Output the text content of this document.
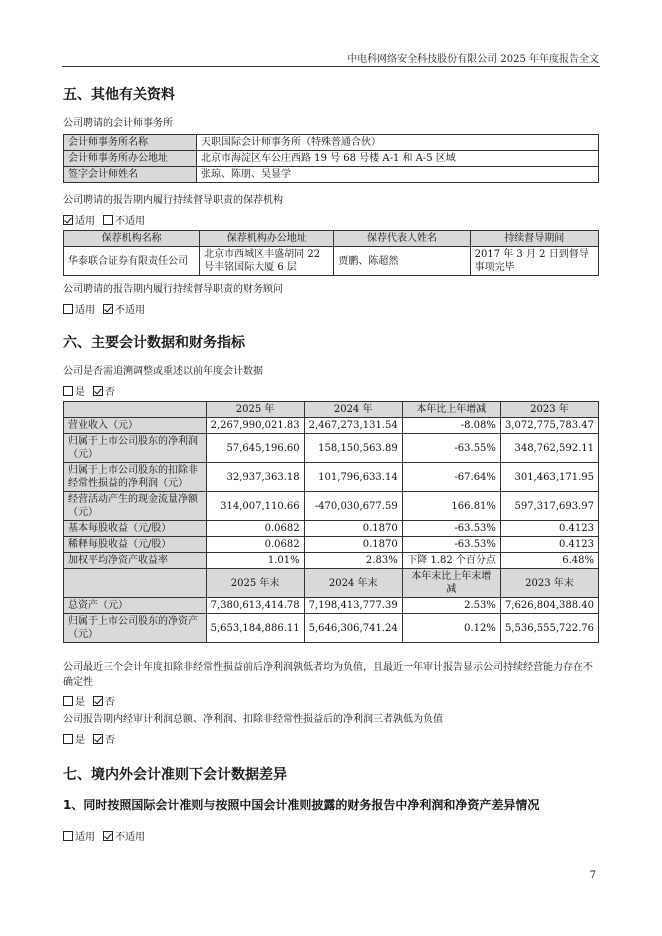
中电科网络安全科技股份有限公司 2025 年年度报告全文
五、其他有关资料
公司聘请的会计师事务所
会计师事务所名称	天职国际会计师事务所（特殊普通合伙）
会计师事务所办公地址	北京市海淀区车公庄西路 19 号 68 号楼 A-1 和 A-5 区域
签字会计师姓名	张琼、陈朋、吴显学
公司聘请的报告期内履行持续督导职责的保荐机构
适用 不适用
保荐机构名称	保荐机构办公地址	保荐代表人姓名	持续督导期间
华泰联合证券有限责任公司	北京市西城区丰盛胡同 22 号丰铭国际大厦 6 层	贾鹏、陈超然	2017 年 3 月 2 日到督导事项完毕
公司聘请的报告期内履行持续督导职责的财务顾问
适用 不适用
六、主要会计数据和财务指标
公司是否需追溯调整或重述以前年度会计数据
是 否
	2025 年	2024 年	本年比上年增减	2023 年
营业收入（元）	2,267,990,021.83	2,467,273,131.54	-8.08%	3,072,775,783.47
归属于上市公司股东的净利润（元）	57,645,196.60	158,150,563.89	-63.55%	348,762,592.11
归属于上市公司股东的扣除非经常性损益的净利润（元）	32,937,363.18	101,796,633.14	-67.64%	301,463,171.95
经营活动产生的现金流量净额（元）	314,007,110.66	-470,030,677.59	166.81%	597,317,693.97
基本每股收益（元/股）	0.0682	0.1870	-63.53%	0.4123
稀释每股收益（元/股）	0.0682	0.1870	-63.53%	0.4123
加权平均净资产收益率	1.01%	2.83%	下降 1.82 个百分点	6.48%
	2025 年末	2024 年末	本年末比上年末增减	2023 年末
总资产（元）	7,380,613,414.78	7,198,413,777.39	2.53%	7,626,804,388.40
归属于上市公司股东的净资产（元）	5,653,184,886.11	5,646,306,741.24	0.12%	5,536,555,722.76
公司最近三个会计年度扣除非经常性损益前后净利润孰低者均为负值，且最近一年审计报告显示公司持续经营能力存在不确定性
是 否
公司报告期内经审计利润总额、净利润、扣除非经常性损益后的净利润三者孰低为负值
是 否
七、境内外会计准则下会计数据差异
1、同时按照国际会计准则与按照中国会计准则披露的财务报告中净利润和净资产差异情况
适用 不适用
7
